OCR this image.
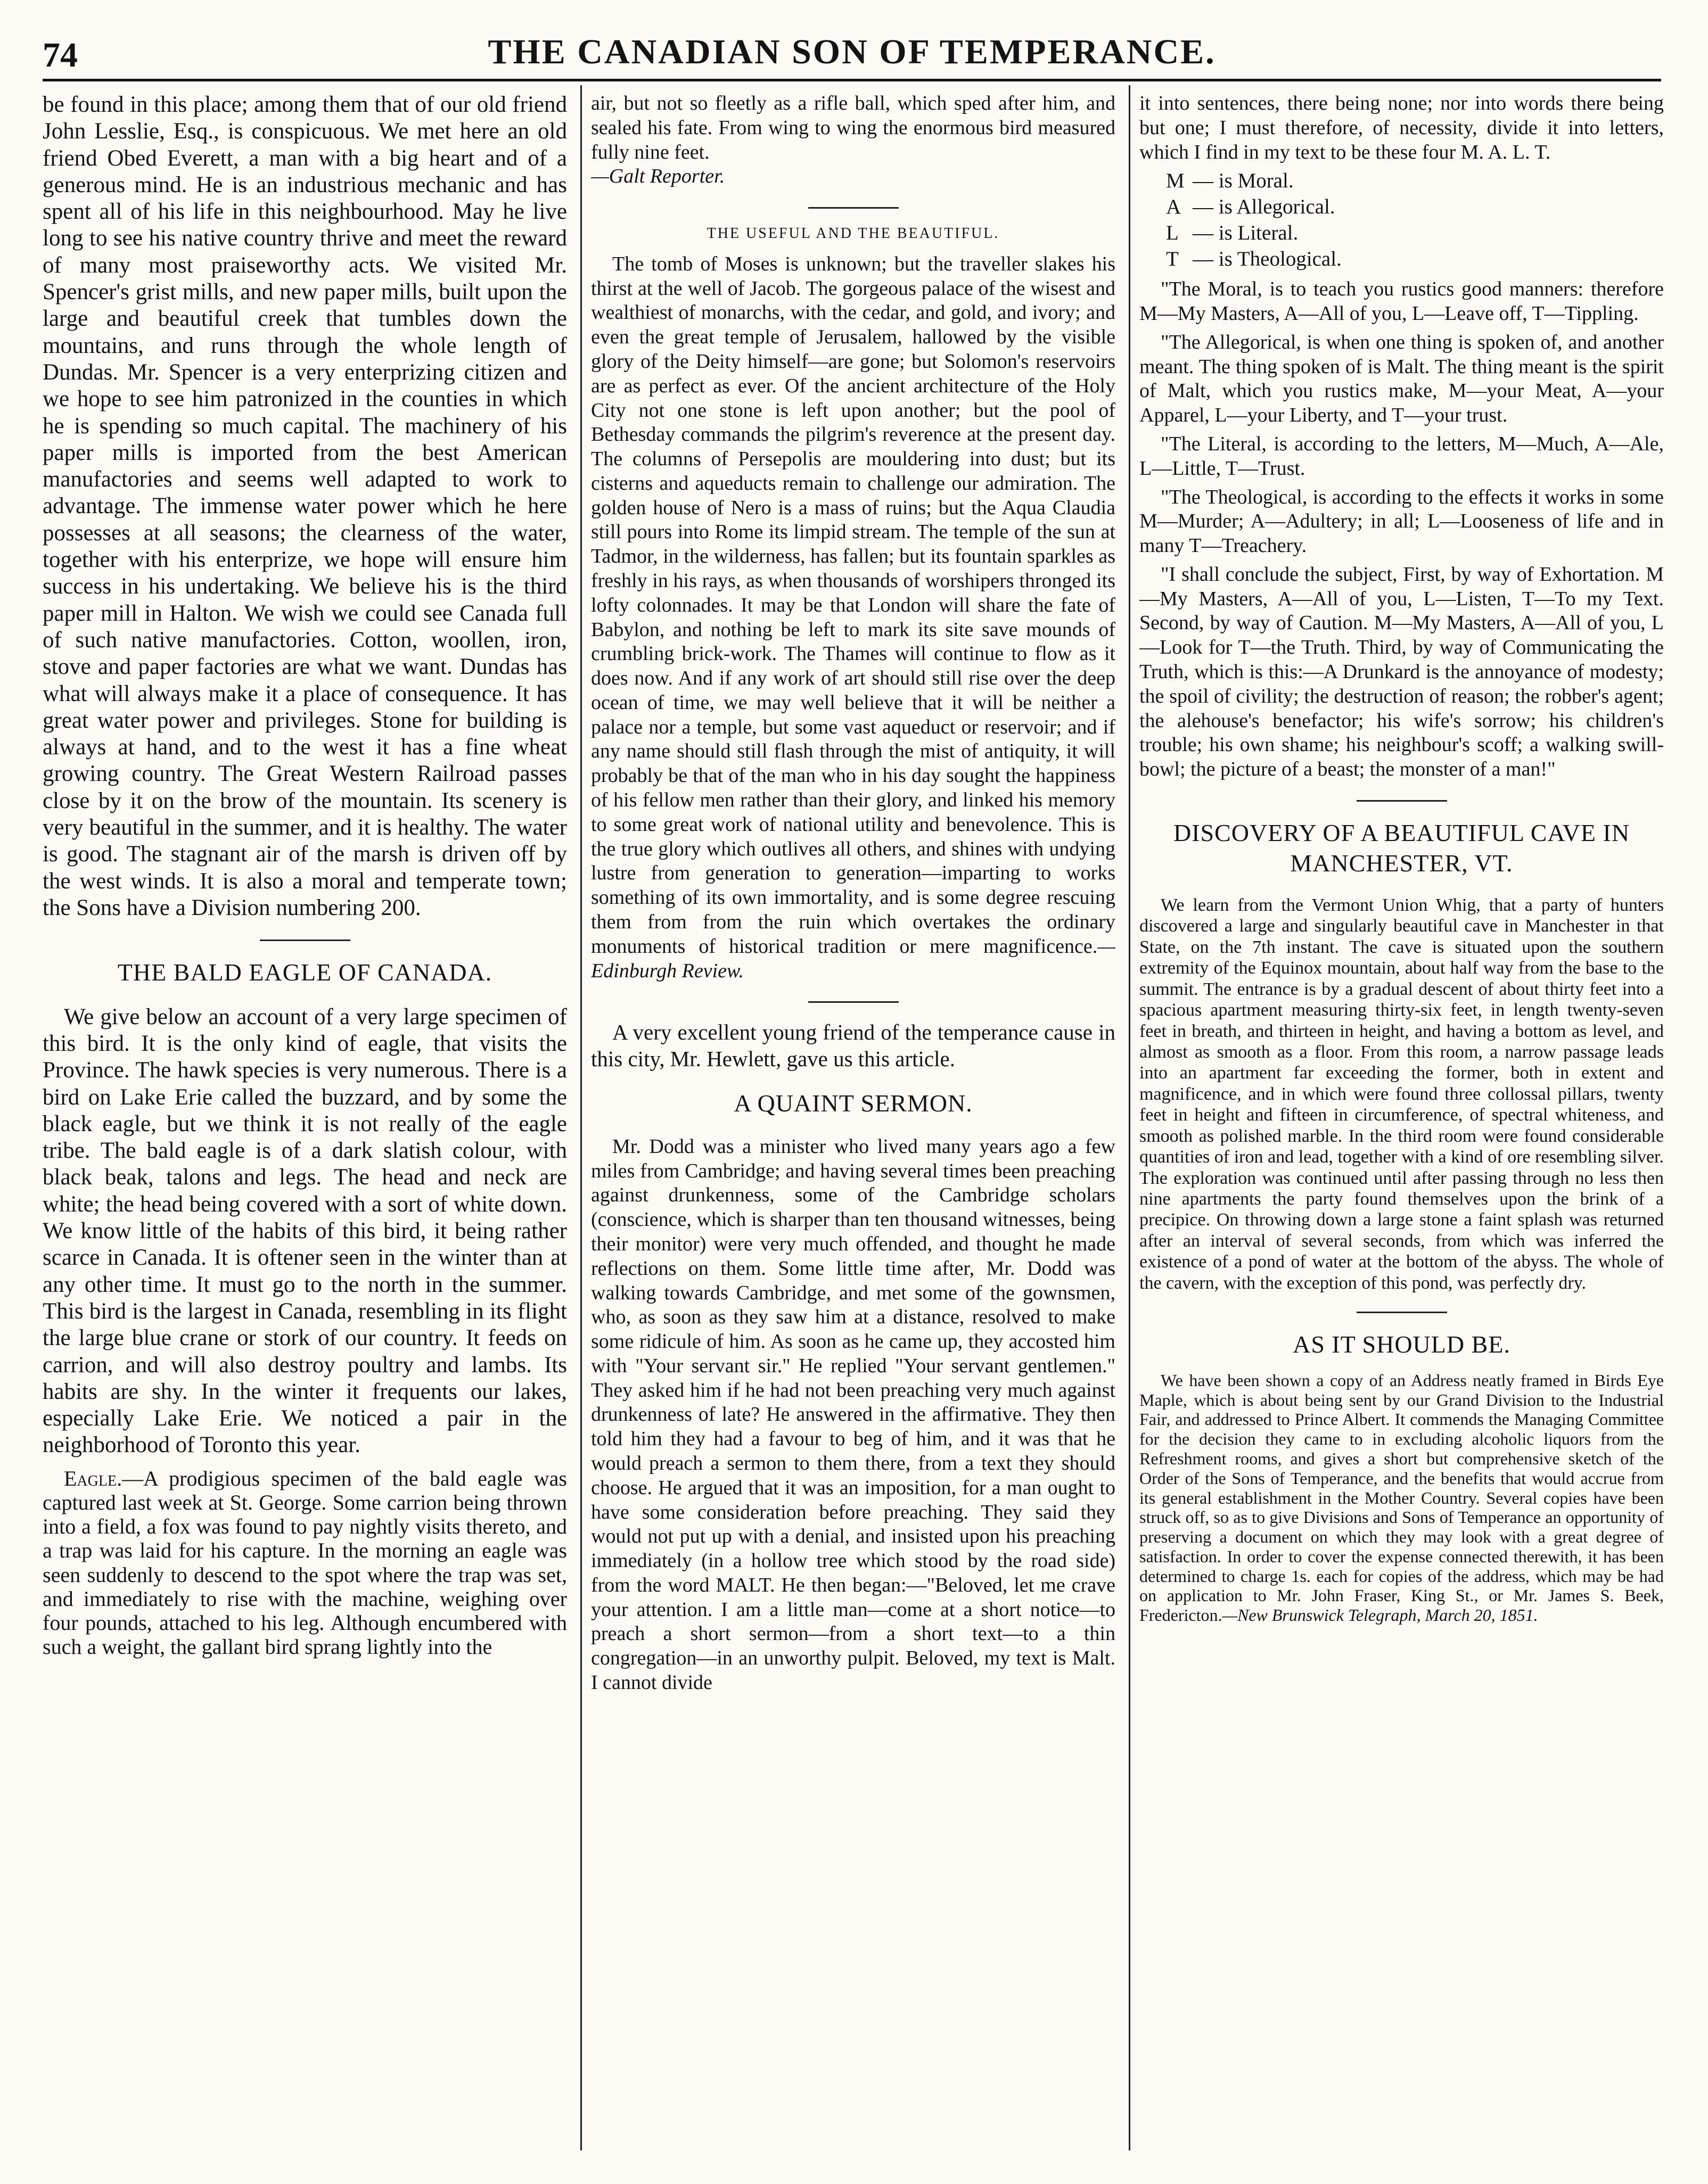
74	THE CANADIAN SON OF TEMPERANCE.

be found in this place; among them that of our old friend John Lesslie, Esq., is conspicuous. We met here an old friend Obed Everett, a man with a big heart and of a generous mind. He is an industrious mechanic and has spent all of his life in this neighbourhood. May he live long to see his native country thrive and meet the reward of many most praiseworthy acts. We visited Mr. Spencer's grist mills, and new paper mills, built upon the large and beautiful creek that tumbles down the mountains, and runs through the whole length of Dundas. Mr. Spencer is a very enterprizing citizen and we hope to see him patronized in the counties in which he is spending so much capital. The machinery of his paper mills is imported from the best American manufactories and seems well adapted to work to advantage. The immense water power which he here possesses at all seasons; the clearness of the water, together with his enterprize, we hope will ensure him success in his undertaking. We believe his is the third paper mill in Halton. We wish we could see Canada full of such native manufactories. Cotton, woollen, iron, stove and paper factories are what we want. Dundas has what will always make it a place of consequence. It has great water power and privileges. Stone for building is always at hand, and to the west it has a fine wheat growing country. The Great Western Railroad passes close by it on the brow of the mountain. Its scenery is very beautiful in the summer, and it is healthy. The water is good. The stagnant air of the marsh is driven off by the west winds. It is also a moral and temperate town; the Sons have a Division numbering 200.

THE BALD EAGLE OF CANADA.

We give below an account of a very large specimen of this bird. It is the only kind of eagle, that visits the Province. The hawk species is very numerous. There is a bird on Lake Erie called the buzzard, and by some the black eagle, but we think it is not really of the eagle tribe. The bald eagle is of a dark slatish colour, with black beak, talons and legs. The head and neck are white; the head being covered with a sort of white down. We know little of the habits of this bird, it being rather scarce in Canada. It is oftener seen in the winter than at any other time. It must go to the north in the summer. This bird is the largest in Canada, resembling in its flight the large blue crane or stork of our country. It feeds on carrion, and will also destroy poultry and lambs. Its habits are shy. In the winter it frequents our lakes, especially Lake Erie. We noticed a pair in the neighborhood of Toronto this year.

Eagle.—A prodigious specimen of the bald eagle was captured last week at St. George. Some carrion being thrown into a field, a fox was found to pay nightly visits thereto, and a trap was laid for his capture. In the morning an eagle was seen suddenly to descend to the spot where the trap was set, and immediately to rise with the machine, weighing over four pounds, attached to his leg. Although encumbered with such a weight, the gallant bird sprang lightly into the

air, but not so fleetly as a rifle ball, which sped after him, and sealed his fate. From wing to wing the enormous bird measured fully nine feet.
—Galt Reporter.

THE USEFUL AND THE BEAUTIFUL.

The tomb of Moses is unknown; but the traveller slakes his thirst at the well of Jacob. The gorgeous palace of the wisest and wealthiest of monarchs, with the cedar, and gold, and ivory; and even the great temple of Jerusalem, hallowed by the visible glory of the Deity himself—are gone; but Solomon's reservoirs are as perfect as ever. Of the ancient architecture of the Holy City not one stone is left upon another; but the pool of Bethesday commands the pilgrim's reverence at the present day. The columns of Persepolis are mouldering into dust; but its cisterns and aqueducts remain to challenge our admiration. The golden house of Nero is a mass of ruins; but the Aqua Claudia still pours into Rome its limpid stream. The temple of the sun at Tadmor, in the wilderness, has fallen; but its fountain sparkles as freshly in his rays, as when thousands of worshipers thronged its lofty colonnades. It may be that London will share the fate of Babylon, and nothing be left to mark its site save mounds of crumbling brick-work. The Thames will continue to flow as it does now. And if any work of art should still rise over the deep ocean of time, we may well believe that it will be neither a palace nor a temple, but some vast aqueduct or reservoir; and if any name should still flash through the mist of antiquity, it will probably be that of the man who in his day sought the happiness of his fellow men rather than their glory, and linked his memory to some great work of national utility and benevolence. This is the true glory which outlives all others, and shines with undying lustre from generation to generation—imparting to works something of its own immortality, and is some degree rescuing them from from the ruin which overtakes the ordinary monuments of historical tradition or mere magnificence.—Edinburgh Review.

A very excellent young friend of the temperance cause in this city, Mr. Hewlett, gave us this article.

A QUAINT SERMON.

Mr. Dodd was a minister who lived many years ago a few miles from Cambridge; and having several times been preaching against drunkenness, some of the Cambridge scholars (conscience, which is sharper than ten thousand witnesses, being their monitor) were very much offended, and thought he made reflections on them. Some little time after, Mr. Dodd was walking towards Cambridge, and met some of the gownsmen, who, as soon as they saw him at a distance, resolved to make some ridicule of him. As soon as he came up, they accosted him with "Your servant sir." He replied "Your servant gentlemen." They asked him if he had not been preaching very much against drunkenness of late? He answered in the affirmative. They then told him they had a favour to beg of him, and it was that he would preach a sermon to them there, from a text they should choose. He argued that it was an imposition, for a man ought to have some consideration before preaching. They said they would not put up with a denial, and insisted upon his preaching immediately (in a hollow tree which stood by the road side) from the word MALT. He then began:—"Beloved, let me crave your attention. I am a little man—come at a short notice—to preach a short sermon—from a short text—to a thin congregation—in an unworthy pulpit. Beloved, my text is Malt. I cannot divide

it into sentences, there being none; nor into words there being but one; I must therefore, of necessity, divide it into letters, which I find in my text to be these four M. A. L. T.

M — is Moral.
A — is Allegorical.
L — is Literal.
T — is Theological.

"The Moral, is to teach you rustics good manners: therefore M—My Masters, A—All of you, L—Leave off, T—Tippling.

"The Allegorical, is when one thing is spoken of, and another meant. The thing spoken of is Malt. The thing meant is the spirit of Malt, which you rustics make, M—your Meat, A—your Apparel, L—your Liberty, and T—your trust.

"The Literal, is according to the letters, M—Much, A—Ale, L—Little, T—Trust.

"The Theological, is according to the effects it works in some M—Murder; A—Adultery; in all; L—Looseness of life and in many T—Treachery.

"I shall conclude the subject, First, by way of Exhortation. M—My Masters, A—All of you, L—Listen, T—To my Text. Second, by way of Caution. M—My Masters, A—All of you, L—Look for T—the Truth. Third, by way of Communicating the Truth, which is this:—A Drunkard is the annoyance of modesty; the spoil of civility; the destruction of reason; the robber's agent; the alehouse's benefactor; his wife's sorrow; his children's trouble; his own shame; his neighbour's scoff; a walking swill-bowl; the picture of a beast; the monster of a man!"

DISCOVERY OF A BEAUTIFUL CAVE IN MANCHESTER, VT.

We learn from the Vermont Union Whig, that a party of hunters discovered a large and singularly beautiful cave in Manchester in that State, on the 7th instant. The cave is situated upon the southern extremity of the Equinox mountain, about half way from the base to the summit. The entrance is by a gradual descent of about thirty feet into a spacious apartment measuring thirty-six feet, in length twenty-seven feet in breath, and thirteen in height, and having a bottom as level, and almost as smooth as a floor. From this room, a narrow passage leads into an apartment far exceeding the former, both in extent and magnificence, and in which were found three collossal pillars, twenty feet in height and fifteen in circumference, of spectral whiteness, and smooth as polished marble. In the third room were found considerable quantities of iron and lead, together with a kind of ore resembling silver. The exploration was continued until after passing through no less then nine apartments the party found themselves upon the brink of a precipice. On throwing down a large stone a faint splash was returned after an interval of several seconds, from which was inferred the existence of a pond of water at the bottom of the abyss. The whole of the cavern, with the exception of this pond, was perfectly dry.

AS IT SHOULD BE.

We have been shown a copy of an Address neatly framed in Birds Eye Maple, which is about being sent by our Grand Division to the Industrial Fair, and addressed to Prince Albert. It commends the Managing Committee for the decision they came to in excluding alcoholic liquors from the Refreshment rooms, and gives a short but comprehensive sketch of the Order of the Sons of Temperance, and the benefits that would accrue from its general establishment in the Mother Country. Several copies have been struck off, so as to give Divisions and Sons of Temperance an opportunity of preserving a document on which they may look with a great degree of satisfaction. In order to cover the expense connected therewith, it has been determined to charge 1s. each for copies of the address, which may be had on application to Mr. John Fraser, King St., or Mr. James S. Beek, Fredericton.—New Brunswick Telegraph, March 20, 1851.
